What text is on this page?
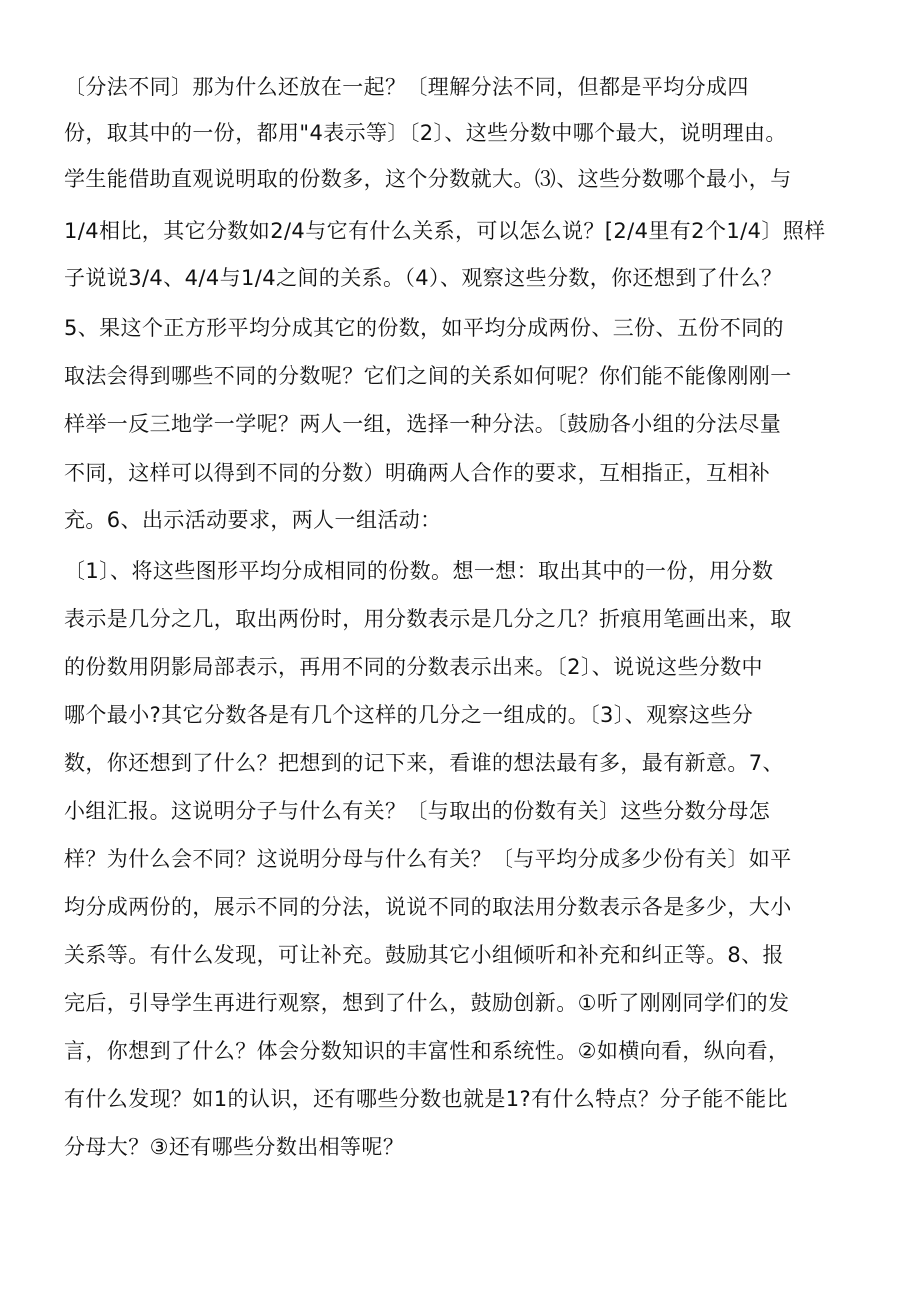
〔分法不同〕那为什么还放在一起？〔理解分法不同，但都是平均分成四
份，取其中的一份，都用"4表示等〕〔2〕、这些分数中哪个最大，说明理由。
学生能借助直观说明取的份数多，这个分数就大。⑶、这些分数哪个最小，与
1/4相比，其它分数如2/4与它有什么关系，可以怎么说？[2/4里有2个1/4〕照样
子说说3/4、4/4与1/4之间的关系。（4）、观察这些分数，你还想到了什么？
5、果这个正方形平均分成其它的份数，如平均分成两份、三份、五份不同的
取法会得到哪些不同的分数呢？它们之间的关系如何呢？你们能不能像刚刚一
样举一反三地学一学呢？两人一组，选择一种分法。〔鼓励各小组的分法尽量
不同，这样可以得到不同的分数）明确两人合作的要求，互相指正，互相补
充。6、出示活动要求，两人一组活动：
〔1〕、将这些图形平均分成相同的份数。想一想：取出其中的一份，用分数
表示是几分之几，取出两份时，用分数表示是几分之几？折痕用笔画出来，取
的份数用阴影局部表示，再用不同的分数表示出来。〔2〕、说说这些分数中
哪个最小?其它分数各是有几个这样的几分之一组成的。〔3〕、观察这些分
数，你还想到了什么？把想到的记下来，看谁的想法最有多，最有新意。7、
小组汇报。这说明分子与什么有关？〔与取出的份数有关〕这些分数分母怎
样？为什么会不同？这说明分母与什么有关？〔与平均分成多少份有关〕如平
均分成两份的，展示不同的分法，说说不同的取法用分数表示各是多少，大小
关系等。有什么发现，可让补充。鼓励其它小组倾听和补充和纠正等。8、报
完后，引导学生再进行观察，想到了什么，鼓励创新。①听了刚刚同学们的发
言，你想到了什么？体会分数知识的丰富性和系统性。②如横向看，纵向看，
有什么发现？如1的认识，还有哪些分数也就是1?有什么特点？分子能不能比
分母大？③还有哪些分数出相等呢？
